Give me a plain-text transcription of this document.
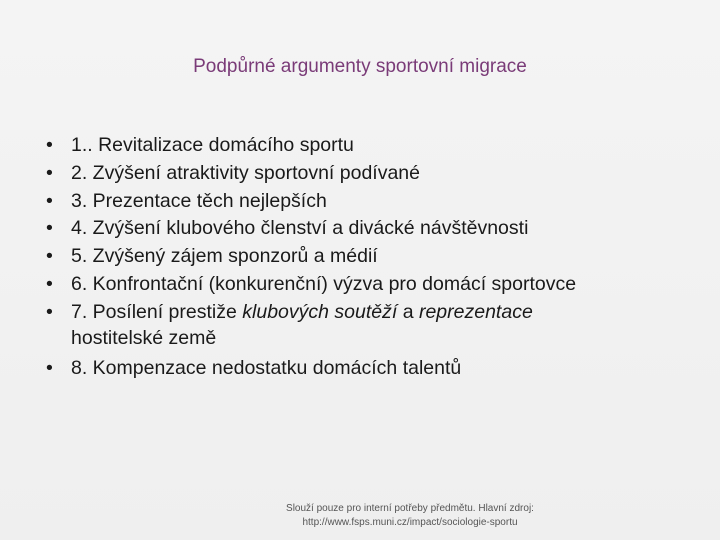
Podpůrné argumenty sportovní migrace
• 1.. Revitalizace domácího sportu
• 2. Zvýšení atraktivity sportovní podívané
• 3. Prezentace těch nejlepších
• 4. Zvýšení klubového členství a divácké návštěvnosti
• 5. Zvýšený zájem sponzorů a médií
• 6. Konfrontační (konkurenční) výzva pro domácí sportovce
• 7. Posílení prestiže klubových soutěží a reprezentace
hostitelské země
• 8. Kompenzace nedostatku domácích talentů
Slouží pouze pro interní potřeby předmětu. Hlavní zdroj:
http://www.fsps.muni.cz/impact/sociologie-sportu
